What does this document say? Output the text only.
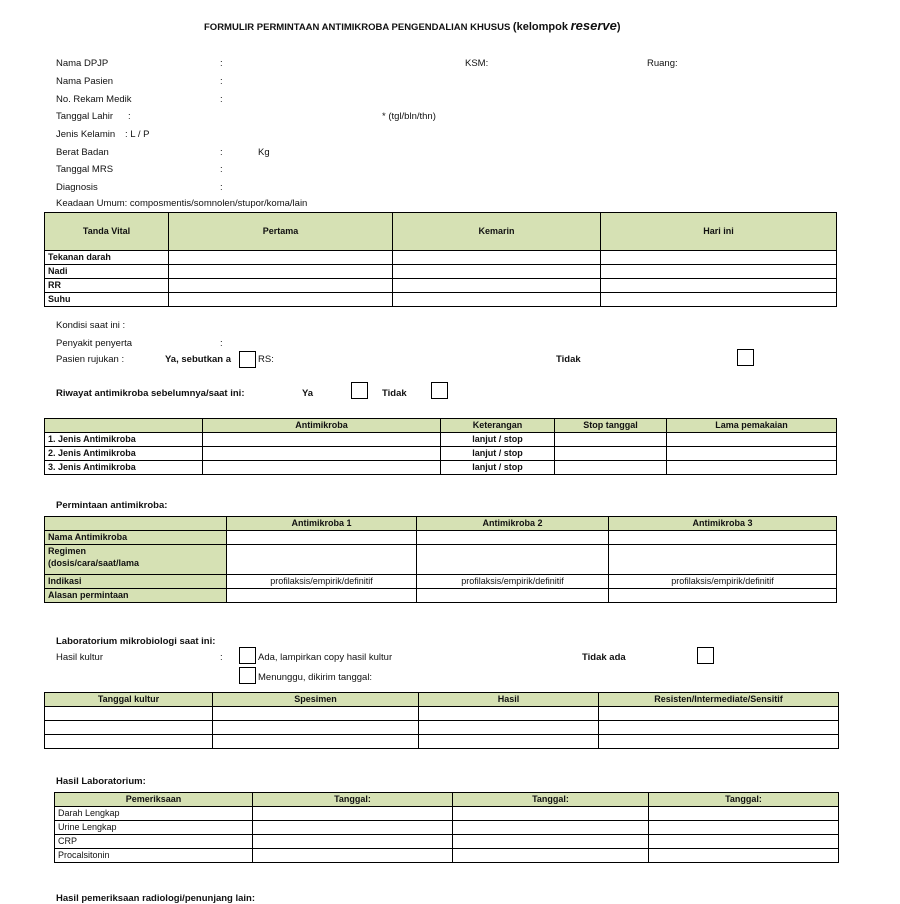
FORMULIR PERMINTAAN ANTIMIKROBA PENGENDALIAN KHUSUS (kelompok reserve)
Nama DPJP	:	KSM:	Ruang:
Nama Pasien	:
No. Rekam Medik	:
Tanggal Lahir :	* (tgl/bln/thn)
Jenis Kelamin : L / P
Berat Badan	:	Kg
Tanggal MRS	:
Diagnosis	:
Keadaan Umum: composmentis/somnolen/stupor/koma/lain
Tanda Vital	Pertama	Kemarin	Hari ini
Tekanan darah			
Nadi			
RR			
Suhu			
Kondisi saat ini :
Penyakit penyerta	:
Pasien rujukan :	Ya, sebutkan a	RS:	Tidak
Riwayat antimikroba sebelumnya/saat ini:	Ya	Tidak
	Antimikroba	Keterangan	Stop tanggal	Lama pemakaian
1. Jenis Antimikroba		lanjut / stop		
2. Jenis Antimikroba		lanjut / stop		
3. Jenis Antimikroba		lanjut / stop		
Permintaan antimikroba:
	Antimikroba 1	Antimikroba 2	Antimikroba 3
Nama Antimikroba			
Regimen
(dosis/cara/saat/lama			
Indikasi	profilaksis/empirik/definitif	profilaksis/empirik/definitif	profilaksis/empirik/definitif
Alasan permintaan			
Laboratorium mikrobiologi saat ini:
Hasil kultur	:	Ada, lampirkan copy hasil kultur	Tidak ada
Menunggu, dikirim tanggal:
Tanggal kultur	Spesimen	Hasil	Resisten/Intermediate/Sensitif

Hasil Laboratorium:
Pemeriksaan	Tanggal:	Tanggal:	Tanggal:
Darah Lengkap			
Urine Lengkap			
CRP			
Procalsitonin			
Hasil pemeriksaan radiologi/penunjang lain:
